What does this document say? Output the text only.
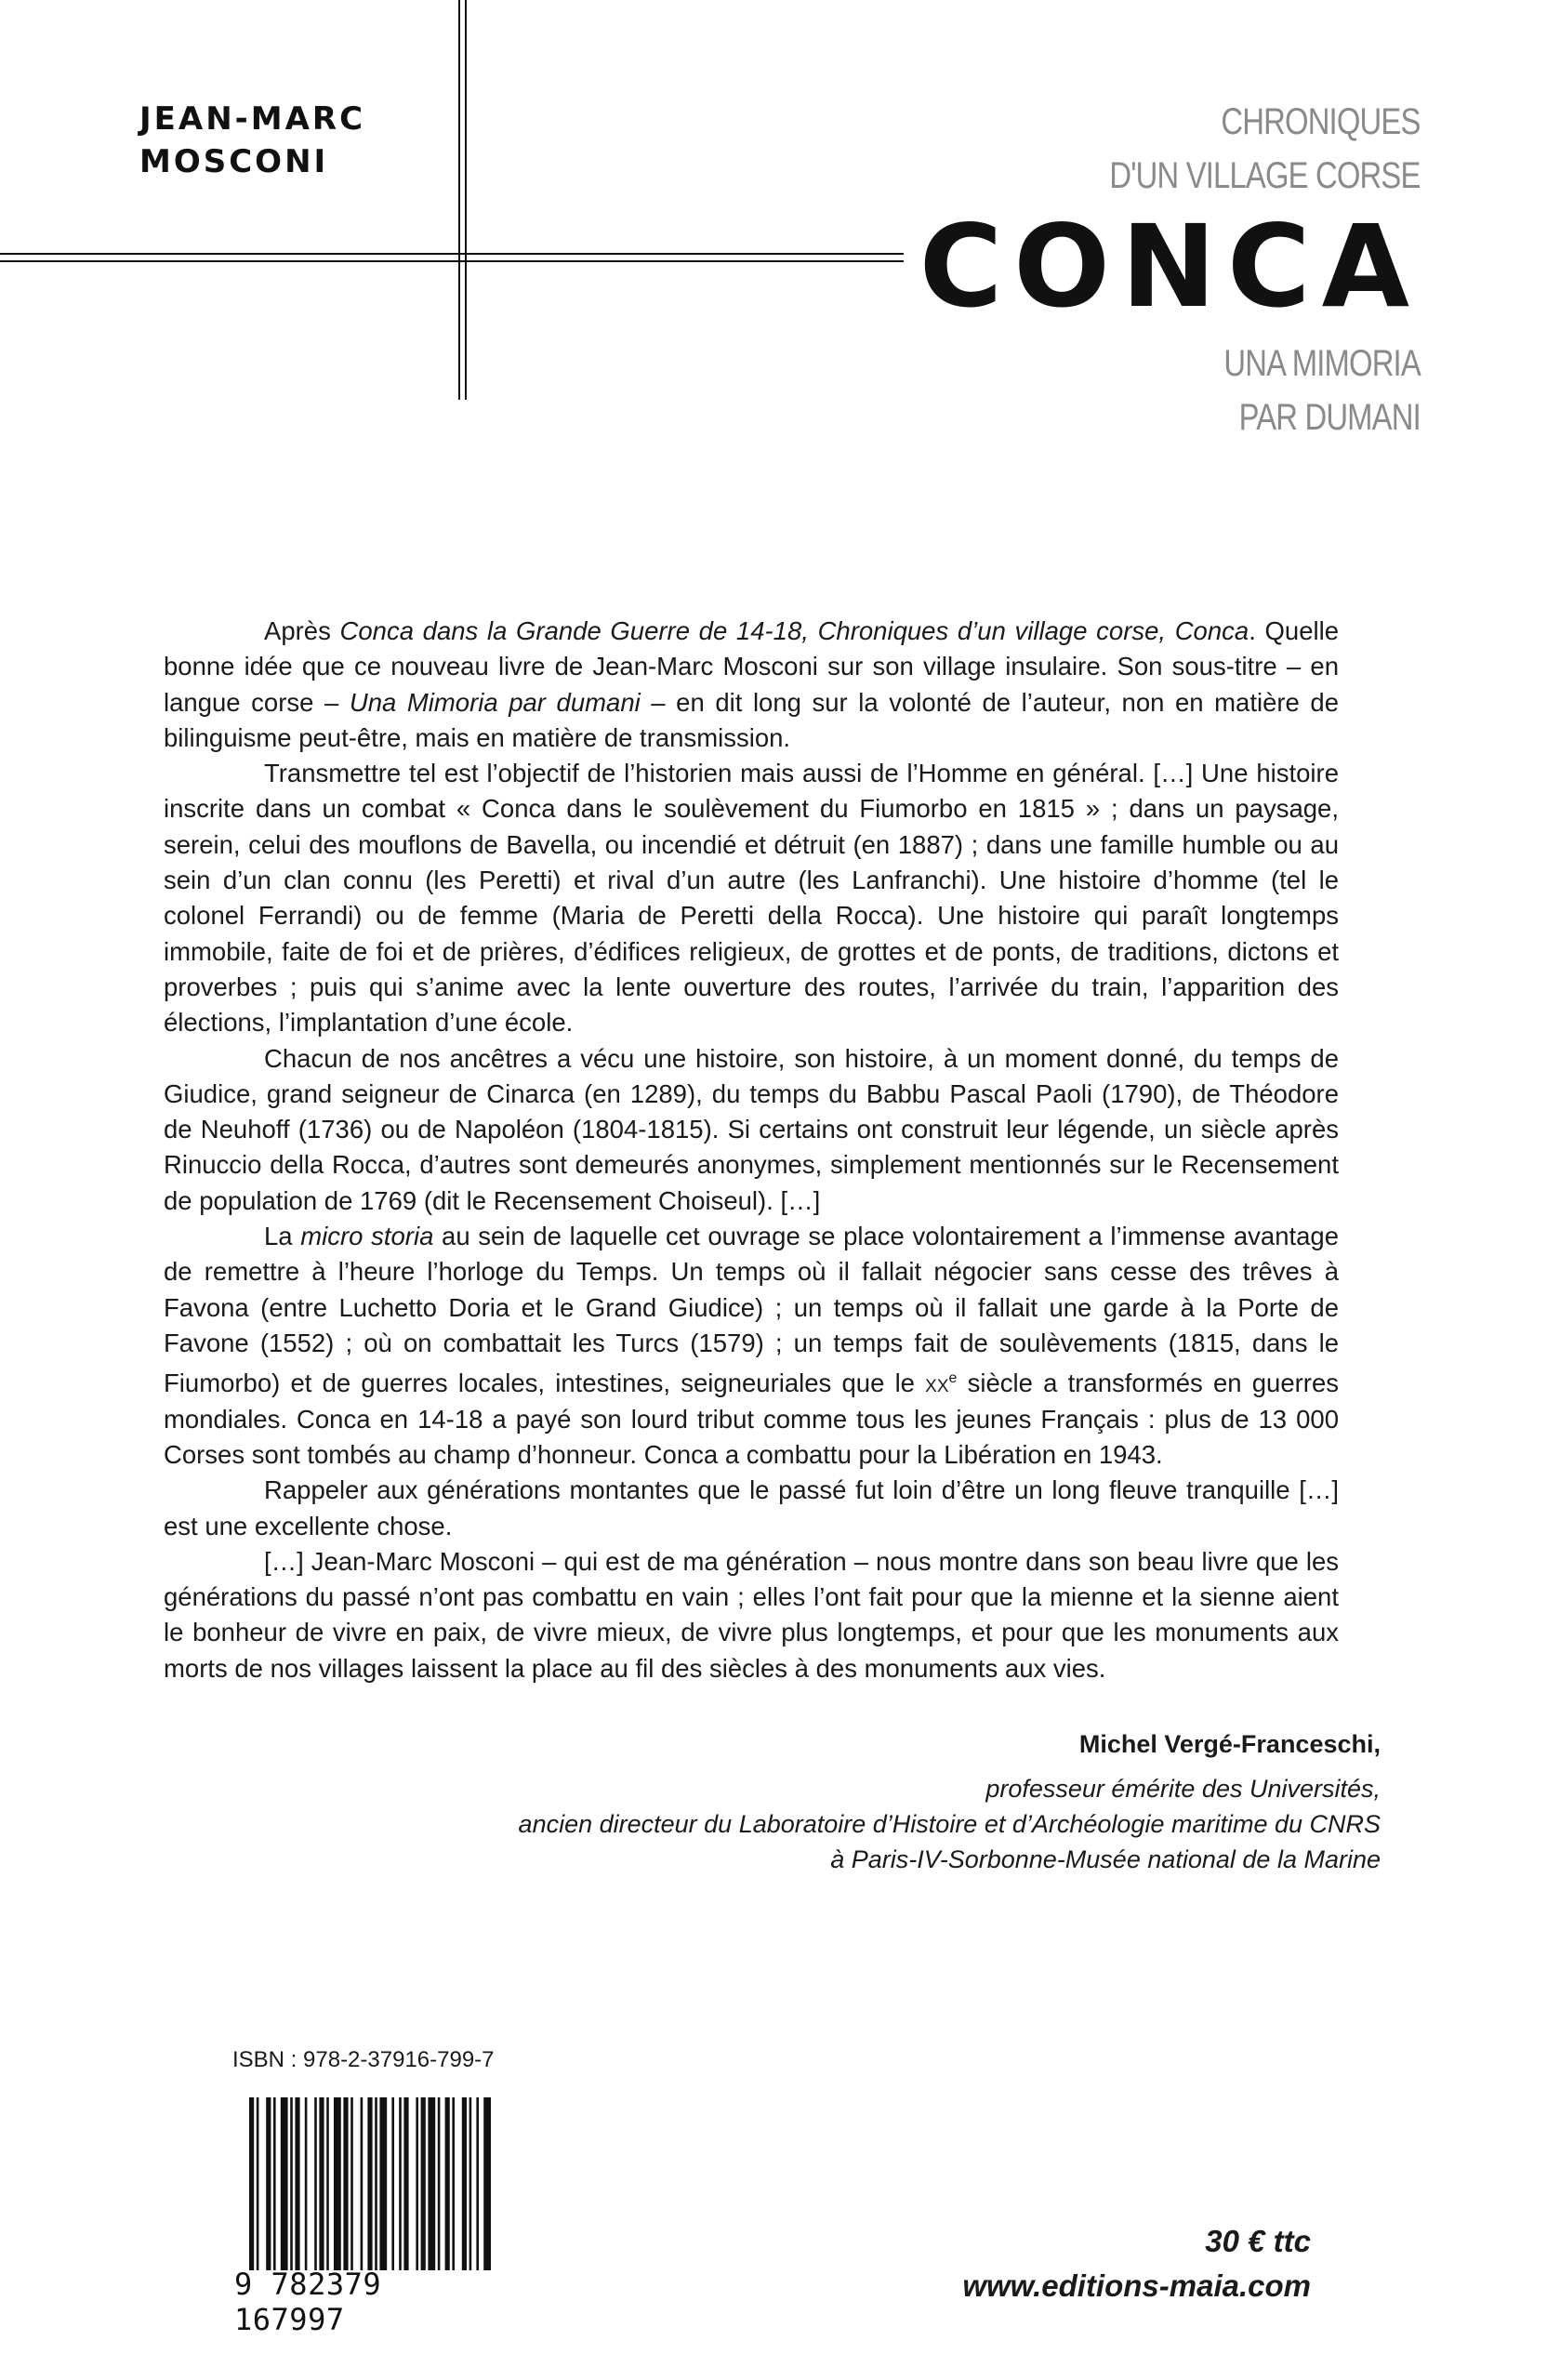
JEAN-MARC
MOSCONI
CHRONIQUES
D'UN VILLAGE CORSE
CONCA
UNA MIMORIA
PAR DUMANI

Après Conca dans la Grande Guerre de 14-18, Chroniques d’un village corse, Conca. Quelle bonne idée que ce nouveau livre de Jean-Marc Mosconi sur son village insulaire. Son sous-titre – en langue corse – Una Mimoria par dumani – en dit long sur la volonté de l’auteur, non en matière de bilinguisme peut-être, mais en matière de transmission.

Transmettre tel est l’objectif de l’historien mais aussi de l’Homme en général. […] Une histoire inscrite dans un combat « Conca dans le soulèvement du Fiumorbo en 1815 » ; dans un paysage, serein, celui des mouflons de Bavella, ou incendié et détruit (en 1887) ; dans une famille humble ou au sein d’un clan connu (les Peretti) et rival d’un autre (les Lanfranchi). Une histoire d’homme (tel le colonel Ferrandi) ou de femme (Maria de Peretti della Rocca). Une histoire qui paraît longtemps immobile, faite de foi et de prières, d’édifices religieux, de grottes et de ponts, de traditions, dictons et proverbes ; puis qui s’anime avec la lente ouverture des routes, l’arrivée du train, l’apparition des élections, l’implantation d’une école.

Chacun de nos ancêtres a vécu une histoire, son histoire, à un moment donné, du temps de Giudice, grand seigneur de Cinarca (en 1289), du temps du Babbu Pascal Paoli (1790), de Théodore de Neuhoff (1736) ou de Napoléon (1804-1815). Si certains ont construit leur légende, un siècle après Rinuccio della Rocca, d’autres sont demeurés anonymes, simplement mentionnés sur le Recensement de population de 1769 (dit le Recensement Choiseul). […]

La micro storia au sein de laquelle cet ouvrage se place volontairement a l’immense avantage de remettre à l’heure l’horloge du Temps. Un temps où il fallait négocier sans cesse des trêves à Favona (entre Luchetto Doria et le Grand Giudice) ; un temps où il fallait une garde à la Porte de Favone (1552) ; où on combattait les Turcs (1579) ; un temps fait de soulèvements (1815, dans le Fiumorbo) et de guerres locales, intestines, seigneuriales que le $xx^e$ siècle a transformés en guerres mondiales. Conca en 14-18 a payé son lourd tribut comme tous les jeunes Français : plus de 13 000 Corses sont tombés au champ d’honneur. Conca a combattu pour la Libération en 1943.

Rappeler aux générations montantes que le passé fut loin d’être un long fleuve tranquille […] est une excellente chose.

[…] Jean-Marc Mosconi – qui est de ma génération – nous montre dans son beau livre que les générations du passé n’ont pas combattu en vain ; elles l’ont fait pour que la mienne et la sienne aient le bonheur de vivre en paix, de vivre mieux, de vivre plus longtemps, et pour que les monuments aux morts de nos villages laissent la place au fil des siècles à des monuments aux vies.

Michel Vergé-Franceschi,
professeur émérite des Universités,
ancien directeur du Laboratoire d’Histoire et d’Archéologie maritime du CNRS
à Paris-IV-Sorbonne-Musée national de la Marine
ISBN : 978-2-37916-799-7
9 782379 167997
30 € ttc
www.editions-maia.com
